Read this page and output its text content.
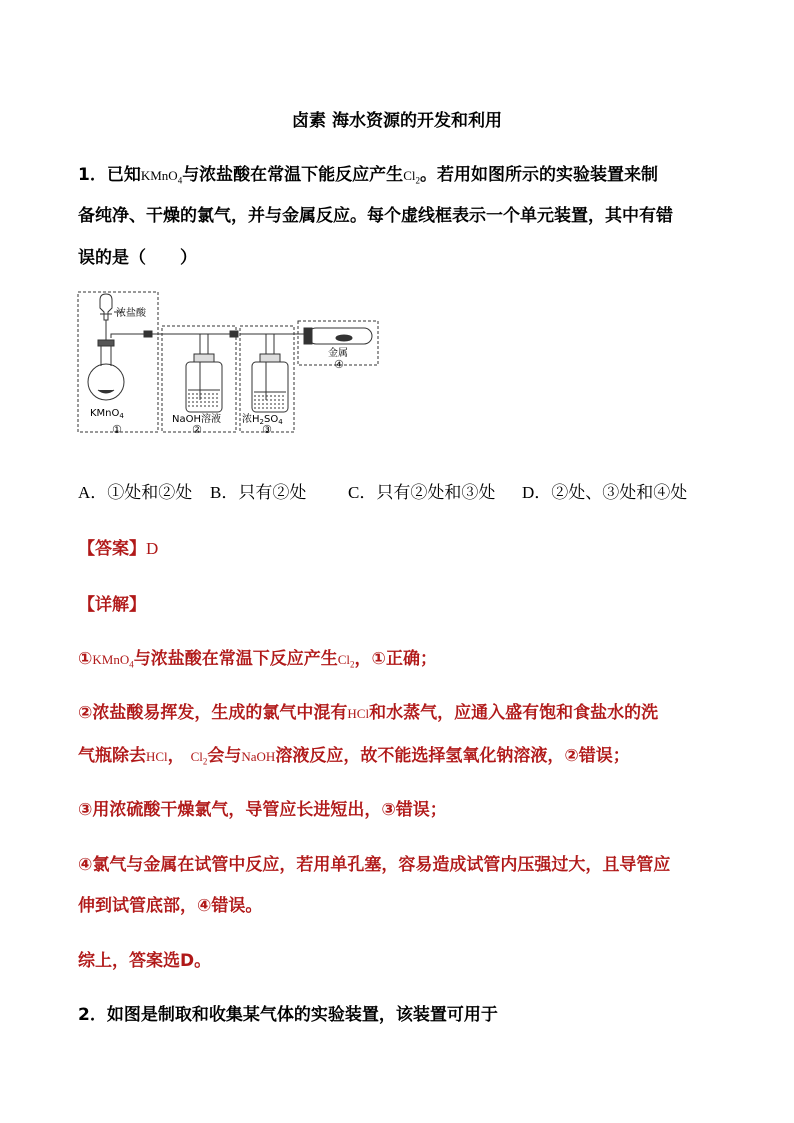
卤素 海水资源的开发和利用
1．已知KMnO$_4$与浓盐酸在常温下能反应产生$Cl_2$。若用如图所示的实验装置来制
备纯净、干燥的氯气，并与金属反应。每个虚线框表示一个单元装置，其中有错
误的是（　　）
浓盐酸
KMnO$_4$	NaOH溶液 浓$H_2SO_4$
金属
①	②	③
④
A．①处和②处 B．只有②处 C．只有②处和③处 D．②处、③处和④处
【答案】D
【详解】
①KMnO$_4$与浓盐酸在常温下反应产生$Cl_2$，①正确；
②浓盐酸易挥发，生成的氯气中混有HCl和水蒸气，应通入盛有饱和食盐水的洗
气瓶除去HCl， $Cl_2$会与NaOH溶液反应，故不能选择氢氧化钠溶液，②错误；
③用浓硫酸干燥氯气，导管应长进短出，③错误；
④氯气与金属在试管中反应，若用单孔塞，容易造成试管内压强过大，且导管应
伸到试管底部，④错误。
综上，答案选D。
2．如图是制取和收集某气体的实验装置，该装置可用于
